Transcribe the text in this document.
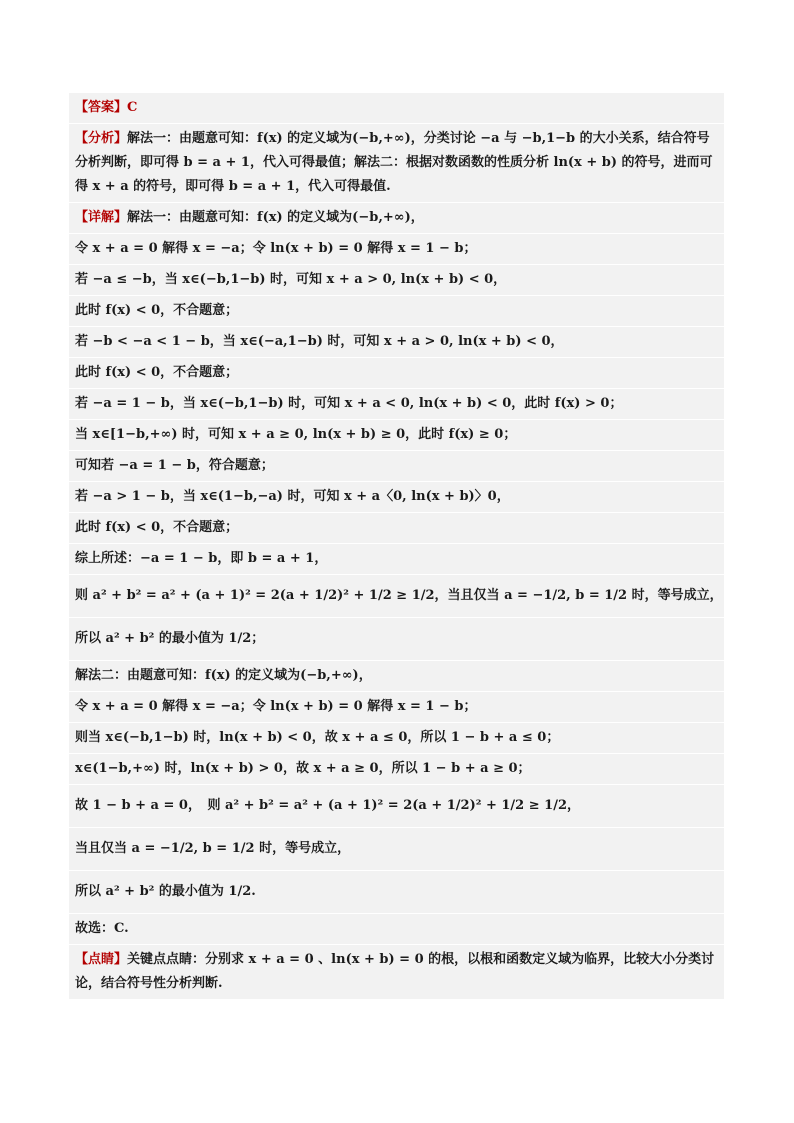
【答案】C
【分析】解法一：由题意可知：f(x) 的定义域为(−b,+∞)，分类讨论 −a 与 −b,1−b 的大小关系，结合符号分析判断，即可得 b = a + 1，代入可得最值；解法二：根据对数函数的性质分析 ln(x + b) 的符号，进而可得 x + a 的符号，即可得 b = a + 1，代入可得最值.
【详解】解法一：由题意可知：f(x) 的定义域为(−b,+∞)，
令 x + a = 0 解得 x = −a；令 ln(x + b) = 0 解得 x = 1 − b；
若 −a ≤ −b，当 x∈(−b,1−b) 时，可知 x + a > 0, ln(x + b) < 0，
此时 f(x) < 0，不合题意；
若 −b < −a < 1 − b，当 x∈(−a,1−b) 时，可知 x + a > 0, ln(x + b) < 0，
此时 f(x) < 0，不合题意；
若 −a = 1 − b，当 x∈(−b,1−b) 时，可知 x + a < 0, ln(x + b) < 0，此时 f(x) > 0；
当 x∈[1−b,+∞) 时，可知 x + a ≥ 0, ln(x + b) ≥ 0，此时 f(x) ≥ 0；
可知若 −a = 1 − b，符合题意；
若 −a > 1 − b，当 x∈(1−b,−a) 时，可知 x + a〈0, ln(x + b)〉0，
此时 f(x) < 0，不合题意；
综上所述：−a = 1 − b，即 b = a + 1，
则 a² + b² = a² + (a + 1)² = 2(a + 1/2)² + 1/2 ≥ 1/2，当且仅当 a = −1/2, b = 1/2 时，等号成立，
所以 a² + b² 的最小值为 1/2；
解法二：由题意可知：f(x) 的定义域为(−b,+∞)，
令 x + a = 0 解得 x = −a；令 ln(x + b) = 0 解得 x = 1 − b；
则当 x∈(−b,1−b) 时，ln(x + b) < 0，故 x + a ≤ 0，所以 1 − b + a ≤ 0；
x∈(1−b,+∞) 时，ln(x + b) > 0，故 x + a ≥ 0，所以 1 − b + a ≥ 0；
故 1 − b + a = 0，　则 a² + b² = a² + (a + 1)² = 2(a + 1/2)² + 1/2 ≥ 1/2，
当且仅当 a = −1/2, b = 1/2 时，等号成立，
所以 a² + b² 的最小值为 1/2.
故选：C.
【点睛】关键点点睛：分别求 x + a = 0 、ln(x + b) = 0 的根，以根和函数定义域为临界，比较大小分类讨论，结合符号性分析判断.
